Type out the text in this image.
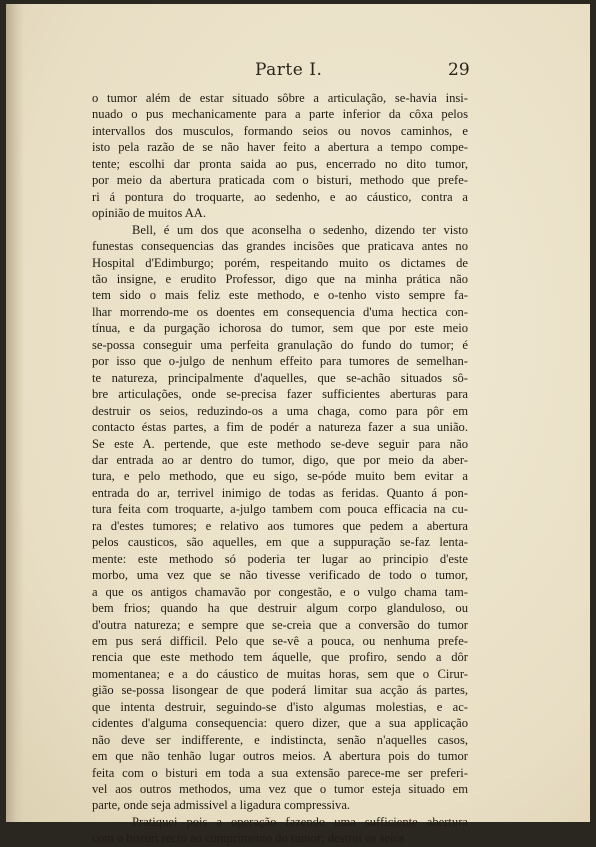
Parte I.	29
o tumor além de estar situado sôbre a articulação, se-havia insi-
nuado o pus mechanicamente para a parte inferior da côxa pelos
intervallos dos musculos, formando seios ou novos caminhos, e
isto pela razão de se não haver feito a abertura a tempo compe-
tente; escolhi dar pronta saida ao pus, encerrado no dito tumor,
por meio da abertura praticada com o bisturi, methodo que prefe-
ri á pontura do troquarte, ao sedenho, e ao cáustico, contra a
opinião de muitos AA.
Bell, é um dos que aconselha o sedenho, dizendo ter visto
funestas consequencias das grandes incisões que praticava antes no
Hospital d'Edimburgo; porém, respeitando muito os dictames de
tão insigne, e erudito Professor, digo que na minha prática não
tem sido o mais feliz este methodo, e o-tenho visto sempre fa-
lhar morrendo-me os doentes em consequencia d'uma hectica con-
tínua, e da purgação ichorosa do tumor, sem que por este meio
se-possa conseguir uma perfeita granulação do fundo do tumor; é
por isso que o-julgo de nenhum effeito para tumores de semelhan-
te natureza, principalmente d'aquelles, que se-achão situados sô-
bre articulações, onde se-precisa fazer sufficientes aberturas para
destruir os seios, reduzindo-os a uma chaga, como para pôr em
contacto éstas partes, a fim de podér a natureza fazer a sua união.
Se este A. pertende, que este methodo se-deve seguir para não
dar entrada ao ar dentro do tumor, digo, que por meio da aber-
tura, e pelo methodo, que eu sigo, se-póde muito bem evitar a
entrada do ar, terrivel inimigo de todas as feridas. Quanto á pon-
tura feita com troquarte, a-julgo tambem com pouca efficacia na cu-
ra d'estes tumores; e relativo aos tumores que pedem a abertura
pelos causticos, são aquelles, em que a suppuração se-faz lenta-
mente: este methodo só poderia ter lugar ao principio d'este
morbo, uma vez que se não tivesse verificado de todo o tumor,
a que os antigos chamavão por congestão, e o vulgo chama tam-
bem frios; quando ha que destruir algum corpo glanduloso, ou
d'outra natureza; e sempre que se-creia que a conversão do tumor
em pus será difficil. Pelo que se-vê a pouca, ou nenhuma prefe-
rencia que este methodo tem áquelle, que profiro, sendo a dôr
momentanea; e a do cáustico de muitas horas, sem que o Cirur-
gião se-possa lisongear de que poderá limitar sua acção ás partes,
que intenta destruir, seguindo-se d'isto algumas molestias, e ac-
cidentes d'alguma consequencia: quero dizer, que a sua applicação
não deve ser indifferente, e indistincta, senão n'aquelles casos,
em que não tenhão lugar outros meios. A abertura pois do tumor
feita com o bisturi em toda a sua extensão parece-me ser preferi-
vel aos outros methodos, uma vez que o tumor esteja situado em
parte, onde seja admissivel a ligadura compressiva.
Pratiquei pois a operação fazendo uma sufficiente abertura
com o bisturi recto ao comprimento do tumor; destrui os seios
